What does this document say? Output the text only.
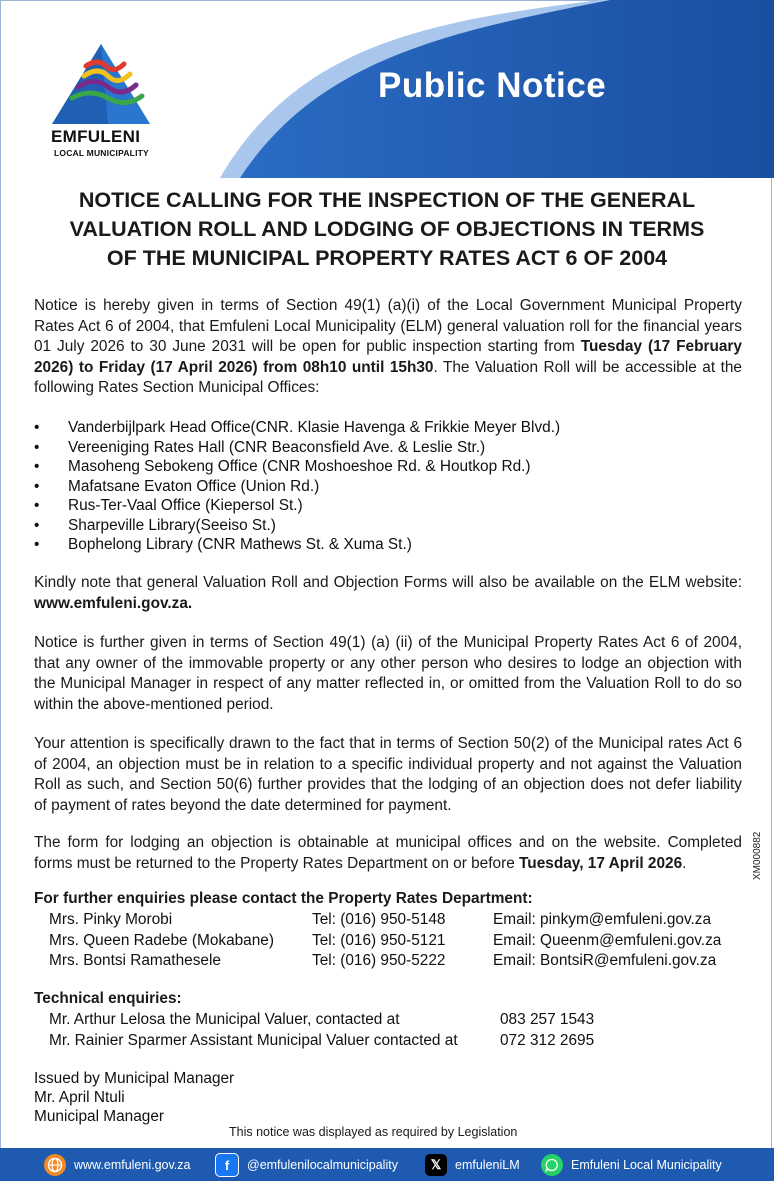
Public Notice
EMFULENI
LOCAL MUNICIPALITY
NOTICE CALLING FOR THE INSPECTION OF THE GENERAL
VALUATION ROLL AND LODGING OF OBJECTIONS IN TERMS
OF THE MUNICIPAL PROPERTY RATES ACT 6 OF 2004
Notice is hereby given in terms of Section 49(1) (a)(i) of the Local Government Municipal Property Rates Act 6 of 2004, that Emfuleni Local Municipality (ELM) general valuation roll for the financial years 01 July 2026 to 30 June 2031 will be open for public inspection starting from Tuesday (17 February 2026) to Friday (17 April 2026) from 08h10 until 15h30. The Valuation Roll will be accessible at the following Rates Section Municipal Offices:
• Vanderbijlpark Head Office(CNR. Klasie Havenga & Frikkie Meyer Blvd.)
• Vereeniging Rates Hall (CNR Beaconsfield Ave. & Leslie Str.)
• Masoheng Sebokeng Office (CNR Moshoeshoe Rd. & Houtkop Rd.)
• Mafatsane Evaton Office (Union Rd.)
• Rus-Ter-Vaal Office (Kiepersol St.)
• Sharpeville Library(Seeiso St.)
• Bophelong Library (CNR Mathews St. & Xuma St.)
Kindly note that general Valuation Roll and Objection Forms will also be available on the ELM website: www.emfuleni.gov.za.
Notice is further given in terms of Section 49(1) (a) (ii) of the Municipal Property Rates Act 6 of 2004, that any owner of the immovable property or any other person who desires to lodge an objection with the Municipal Manager in respect of any matter reflected in, or omitted from the Valuation Roll to do so within the above-mentioned period.
Your attention is specifically drawn to the fact that in terms of Section 50(2) of the Municipal rates Act 6 of 2004, an objection must be in relation to a specific individual property and not against the Valuation Roll as such, and Section 50(6) further provides that the lodging of an objection does not defer liability of payment of rates beyond the date determined for payment.
The form for lodging an objection is obtainable at municipal offices and on the website. Completed forms must be returned to the Property Rates Department on or before Tuesday, 17 April 2026.
For further enquiries please contact the Property Rates Department:
Mrs. Pinky Morobi	Tel: (016) 950-5148	Email: pinkym@emfuleni.gov.za
Mrs. Queen Radebe (Mokabane) Tel: (016) 950-5121	Email: Queenm@emfuleni.gov.za
Mrs. Bontsi Ramathesele	Tel: (016) 950-5222	Email: BontsiR@emfuleni.gov.za
Technical enquiries:
Mr. Arthur Lelosa the Municipal Valuer, contacted at	083 257 1543
Mr. Rainier Sparmer Assistant Municipal Valuer contacted at	072 312 2695
Issued by Municipal Manager
Mr. April Ntuli
Municipal Manager
This notice was displayed as required by Legislation
XM000882
www.emfuleni.gov.za	f	@emfulenilocalmunicipality	𝕏	emfuleniLM	Emfuleni Local Municipality
